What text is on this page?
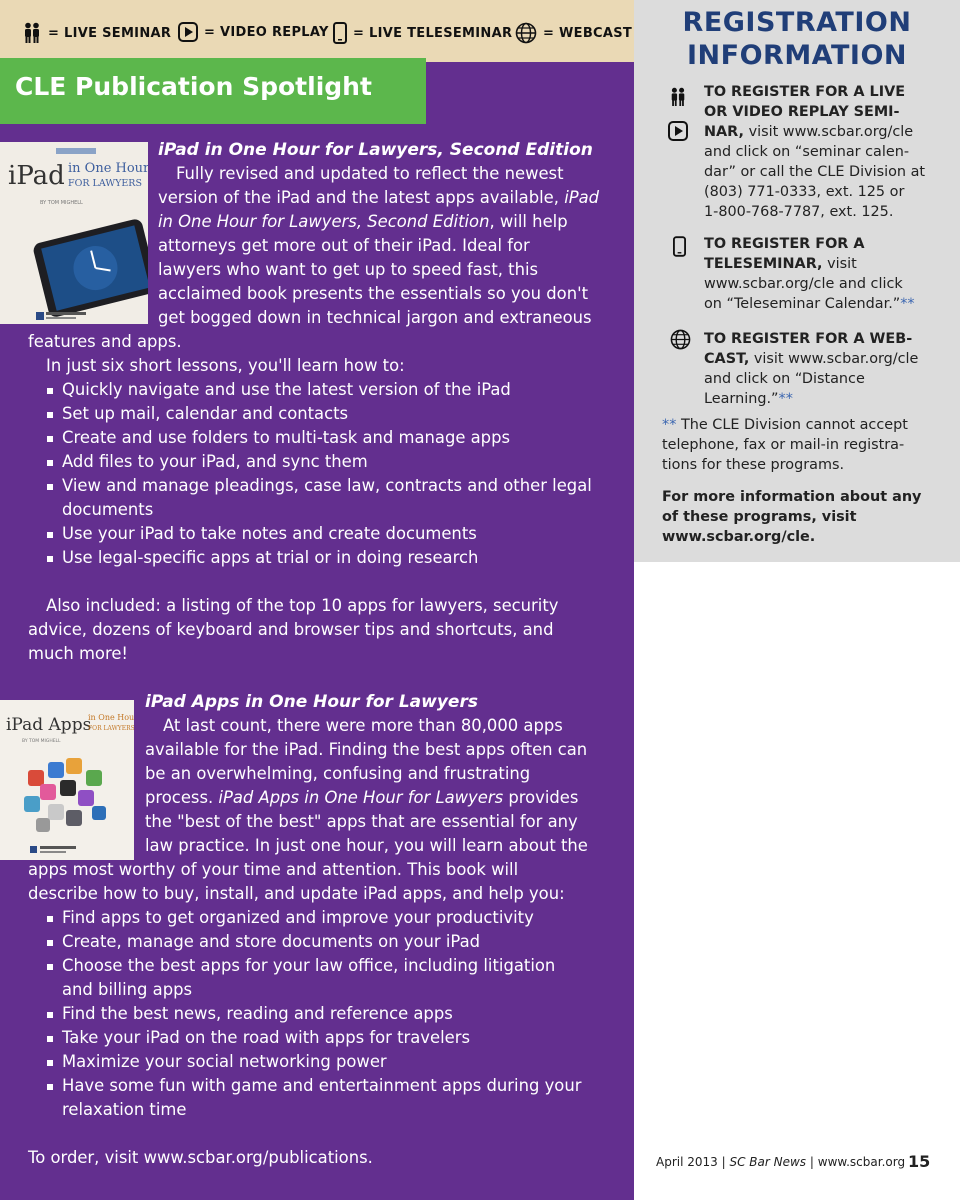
= LIVE SEMINAR	= VIDEO REPLAY = LIVE TELESEMINAR = WEBCAST
CLE Publication Spotlight
iPad in One Hour
FOR LAWYERS
BY TOM MIGHELL
iPad in One Hour for Lawyers, Second Edition
Fully revised and updated to reflect the newest
version of the iPad and the latest apps available, iPad
in One Hour for Lawyers, Second Edition, will help
attorneys get more out of their iPad. Ideal for
lawyers who want to get up to speed fast, this
acclaimed book presents the essentials so you don't
get bogged down in technical jargon and extraneous
features and apps.
In just six short lessons, you'll learn how to:
Quickly navigate and use the latest version of the iPad
Set up mail, calendar and contacts
Create and use folders to multi-task and manage apps
Add files to your iPad, and sync them
View and manage pleadings, case law, contracts and other legal
documents
Use your iPad to take notes and create documents
Use legal-specific apps at trial or in doing research
Also included: a listing of the top 10 apps for lawyers, security
advice, dozens of keyboard and browser tips and shortcuts, and
much more!
iPad Apps
in One Hour
FOR LAWYERS
BY TOM MIGHELL
iPad Apps in One Hour for Lawyers
At last count, there were more than 80,000 apps
available for the iPad. Finding the best apps often can
be an overwhelming, confusing and frustrating
process. iPad Apps in One Hour for Lawyers provides
the "best of the best" apps that are essential for any
law practice. In just one hour, you will learn about the
apps most worthy of your time and attention. This book will
describe how to buy, install, and update iPad apps, and help you:
Find apps to get organized and improve your productivity
Create, manage and store documents on your iPad
Choose the best apps for your law office, including litigation
and billing apps
Find the best news, reading and reference apps
Take your iPad on the road with apps for travelers
Maximize your social networking power
Have some fun with game and entertainment apps during your
relaxation time
To order, visit www.scbar.org/publications.
REGISTRATION
INFORMATION
TO REGISTER FOR A LIVE
OR VIDEO REPLAY SEMI-
NAR, visit www.scbar.org/cle
and click on “seminar calen-
dar” or call the CLE Division at
(803) 771-0333, ext. 125 or
1-800-768-7787, ext. 125.
TO REGISTER FOR A
TELESEMINAR, visit
www.scbar.org/cle and click
on “Teleseminar Calendar.”**
TO REGISTER FOR A WEB-
CAST, visit www.scbar.org/cle
and click on “Distance
Learning.”**
** The CLE Division cannot accept
telephone, fax or mail-in registra-
tions for these programs.
For more information about any
of these programs, visit
www.scbar.org/cle.
April 2013 | SC Bar News | www.scbar.org 15
